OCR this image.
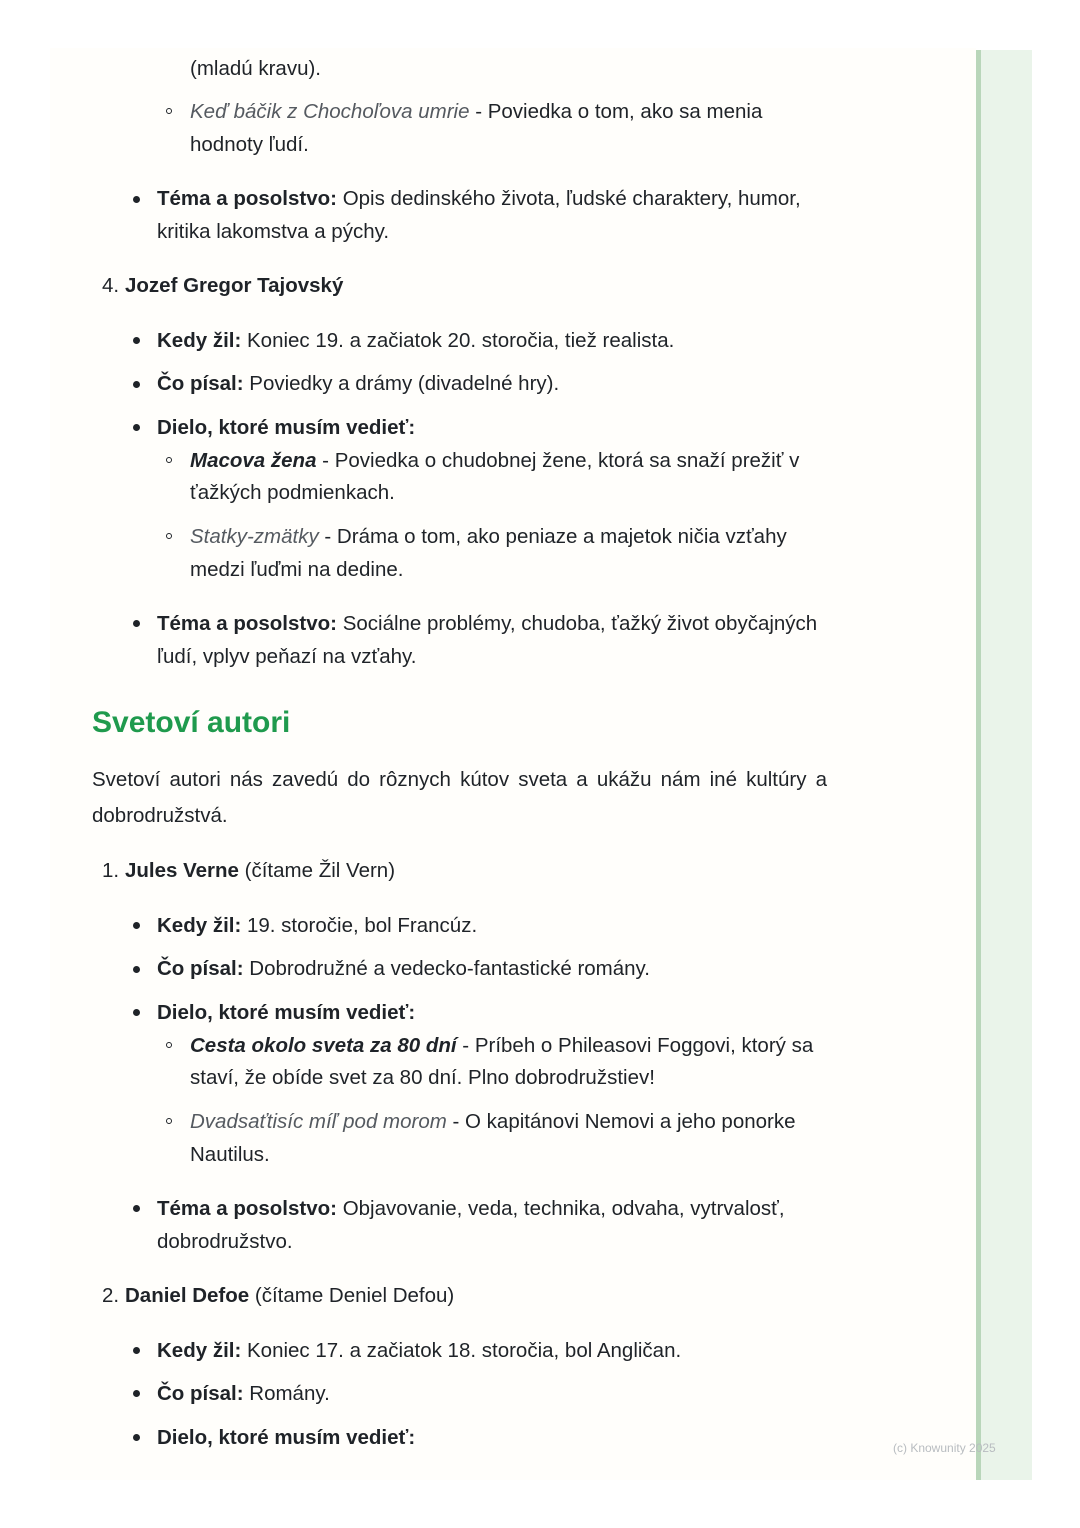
(mladú kravu).
Keď báčik z Chochoľova umrie - Poviedka o tom, ako sa menia
hodnoty ľudí.
Téma a posolstvo: Opis dedinského života, ľudské charaktery, humor,
kritika lakomstva a pýchy.
4. Jozef Gregor Tajovský
Kedy žil: Koniec 19. a začiatok 20. storočia, tiež realista.
Čo písal: Poviedky a drámy (divadelné hry).
Dielo, ktoré musím vedieť:
Macova žena - Poviedka o chudobnej žene, ktorá sa snaží prežiť v
ťažkých podmienkach.
Statky-zmätky - Dráma o tom, ako peniaze a majetok ničia vzťahy
medzi ľuďmi na dedine.
Téma a posolstvo: Sociálne problémy, chudoba, ťažký život obyčajných
ľudí, vplyv peňazí na vzťahy.
Svetoví autori
Svetoví autori nás zavedú do rôznych kútov sveta a ukážu nám iné kultúry a
dobrodružstvá.
1. Jules Verne (čítame Žil Vern)
Kedy žil: 19. storočie, bol Francúz.
Čo písal: Dobrodružné a vedecko-fantastické romány.
Dielo, ktoré musím vedieť:
Cesta okolo sveta za 80 dní - Príbeh o Phileasovi Foggovi, ktorý sa
staví, že obíde svet za 80 dní. Plno dobrodružstiev!
Dvadsaťtisíc míľ pod morom - O kapitánovi Nemovi a jeho ponorke
Nautilus.
Téma a posolstvo: Objavovanie, veda, technika, odvaha, vytrvalosť,
dobrodružstvo.
2. Daniel Defoe (čítame Deniel Defou)
Kedy žil: Koniec 17. a začiatok 18. storočia, bol Angličan.
Čo písal: Romány.
Dielo, ktoré musím vedieť:	(c) Knowunity 2025
